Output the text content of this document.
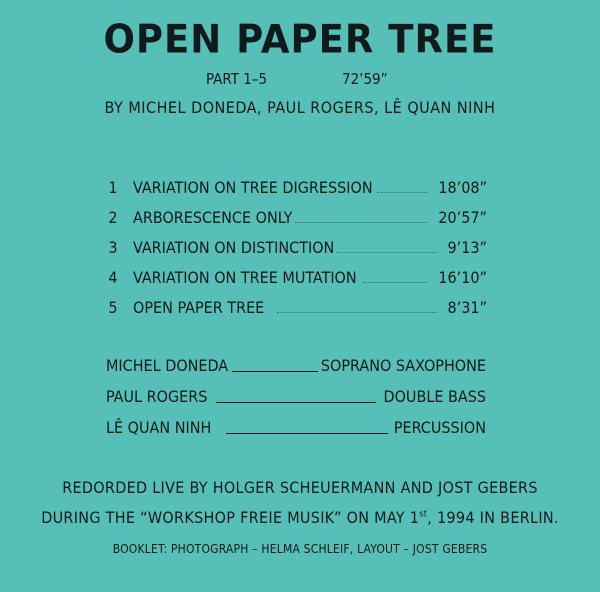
OPEN PAPER TREE
PART 1–5	72’59”
BY MICHEL DONEDA, PAUL ROGERS, LÊ QUAN NINH
1 VARIATION ON TREE DIGRESSION	18’08”
2 ARBORESCENCE ONLY	20’57”
3 VARIATION ON DISTINCTION	9’13”
4 VARIATION ON TREE MUTATION	16’10”
5 OPEN PAPER TREE	8’31”
MICHEL DONEDA	SOPRANO SAXOPHONE
PAUL ROGERS	DOUBLE BASS
LÊ QUAN NINH	PERCUSSION
REDORDED LIVE BY HOLGER SCHEUERMANN AND JOST GEBERS
DURING THE “WORKSHOP FREIE MUSIK” ON MAY 1st, 1994 IN BERLIN.
BOOKLET: PHOTOGRAPH – HELMA SCHLEIF, LAYOUT – JOST GEBERS
